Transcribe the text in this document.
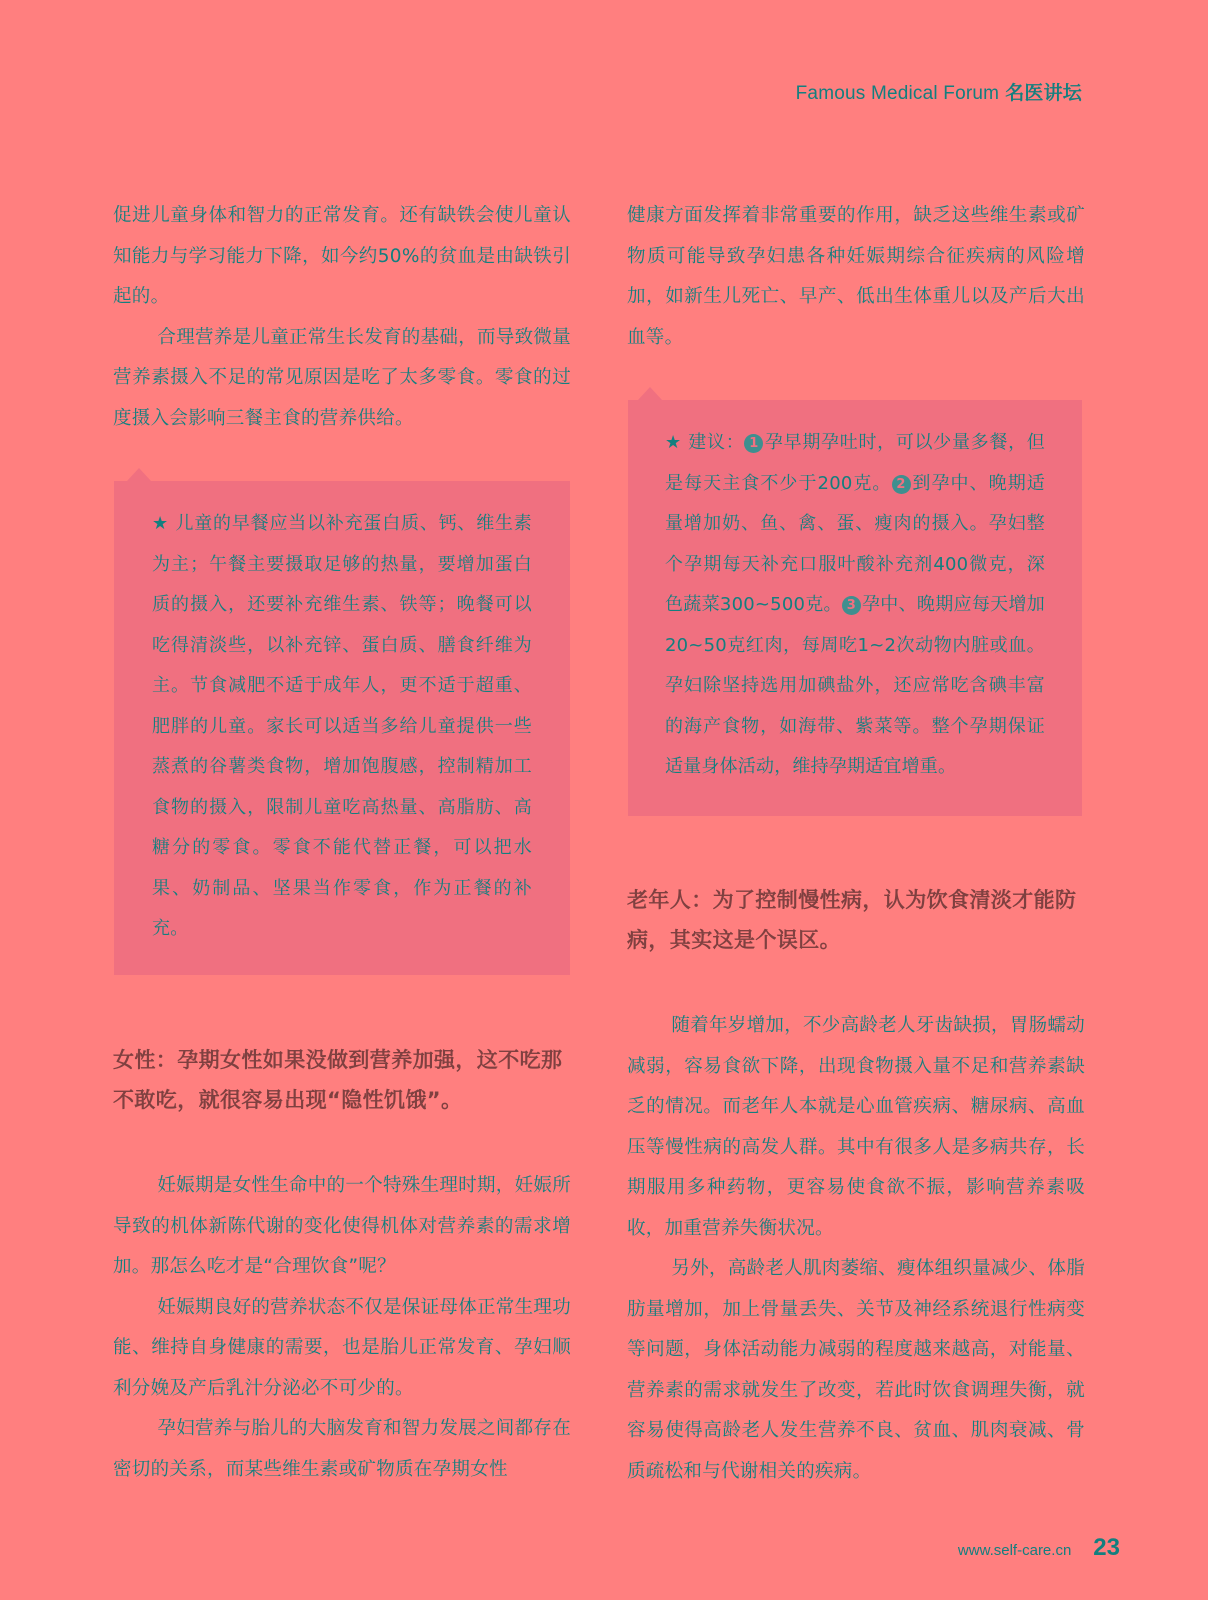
Famous Medical Forum 名医讲坛

促进儿童身体和智力的正常发育。还有缺铁会使儿童认知能力与学习能力下降，如今约50%的贫血是由缺铁引起的。

合理营养是儿童正常生长发育的基础，而导致微量营养素摄入不足的常见原因是吃了太多零食。零食的过度摄入会影响三餐主食的营养供给。

★ 儿童的早餐应当以补充蛋白质、钙、维生素为主；午餐主要摄取足够的热量，要增加蛋白质的摄入，还要补充维生素、铁等；晚餐可以吃得清淡些，以补充锌、蛋白质、膳食纤维为主。节食减肥不适于成年人，更不适于超重、肥胖的儿童。家长可以适当多给儿童提供一些蒸煮的谷薯类食物，增加饱腹感，控制精加工食物的摄入，限制儿童吃高热量、高脂肪、高糖分的零食。零食不能代替正餐，可以把水果、奶制品、坚果当作零食，作为正餐的补充。
女性：孕期女性如果没做到营养加强，这不吃那不敢吃，就很容易出现“隐性饥饿”。

妊娠期是女性生命中的一个特殊生理时期，妊娠所导致的机体新陈代谢的变化使得机体对营养素的需求增加。那怎么吃才是“合理饮食”呢？

妊娠期良好的营养状态不仅是保证母体正常生理功能、维持自身健康的需要，也是胎儿正常发育、孕妇顺利分娩及产后乳汁分泌必不可少的。

孕妇营养与胎儿的大脑发育和智力发展之间都存在密切的关系，而某些维生素或矿物质在孕期女性

健康方面发挥着非常重要的作用，缺乏这些维生素或矿物质可能导致孕妇患各种妊娠期综合征疾病的风险增加，如新生儿死亡、早产、低出生体重儿以及产后大出血等。

★ 建议： 1 孕早期孕吐时，可以少量多餐，但是每天主食不少于200克。 2 到孕中、晚期适量增加奶、鱼、禽、蛋、瘦肉的摄入。孕妇整个孕期每天补充口服叶酸补充剂400微克，深色蔬菜300~500克。 3 孕中、晚期应每天增加20~50克红肉，每周吃1~2次动物内脏或血。孕妇除坚持选用加碘盐外，还应常吃含碘丰富的海产食物，如海带、紫菜等。整个孕期保证适量身体活动，维持孕期适宜增重。
老年人：为了控制慢性病，认为饮食清淡才能防病，其实这是个误区。

随着年岁增加，不少高龄老人牙齿缺损，胃肠蠕动减弱，容易食欲下降，出现食物摄入量不足和营养素缺乏的情况。而老年人本就是心血管疾病、糖尿病、高血压等慢性病的高发人群。其中有很多人是多病共存，长期服用多种药物，更容易使食欲不振，影响营养素吸收，加重营养失衡状况。

另外，高龄老人肌肉萎缩、瘦体组织量减少、体脂肪量增加，加上骨量丢失、关节及神经系统退行性病变等问题，身体活动能力减弱的程度越来越高，对能量、营养素的需求就发生了改变，若此时饮食调理失衡，就容易使得高龄老人发生营养不良、贫血、肌肉衰减、骨质疏松和与代谢相关的疾病。

www.self-care.cn 23
